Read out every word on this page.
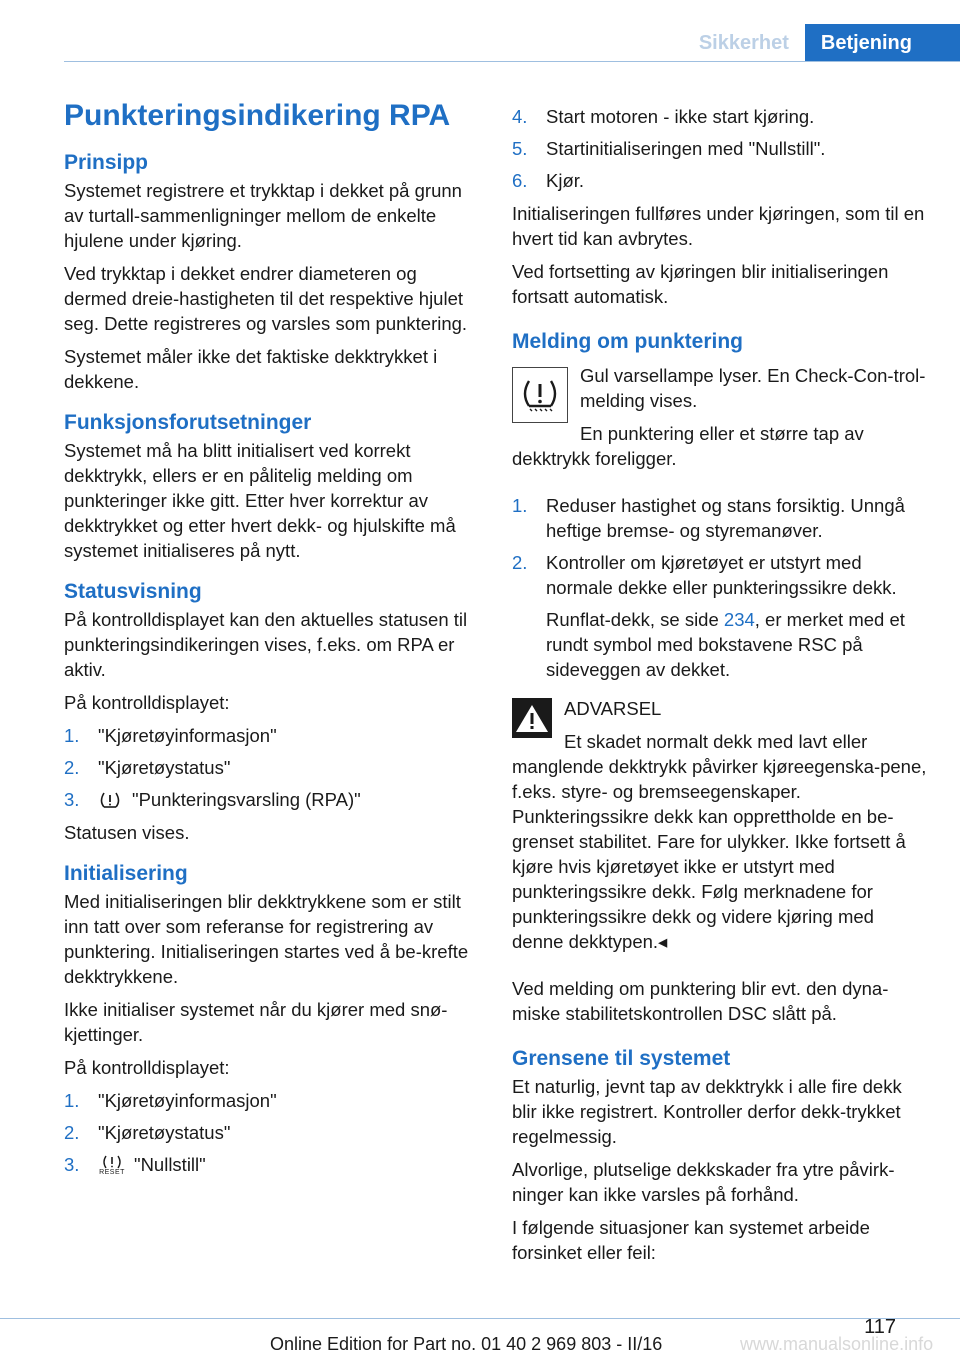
Sikkerhet	Betjening
Punkteringsindikering RPA
Prinsipp

Systemet registrere et trykktap i dekket på grunn av turtall-sammenligninger mellom de enkelte hjulene under kjøring.

Ved trykktap i dekket endrer diameteren og dermed dreie-hastigheten til det respektive hjulet seg. Dette registreres og varsles som punktering.

Systemet måler ikke det faktiske dekktrykket i dekkene.

Funksjonsforutsetninger

Systemet må ha blitt initialisert ved korrekt dekktrykk, ellers er en pålitelig melding om punkteringer ikke gitt. Etter hver korrektur av dekktrykket og etter hvert dekk- og hjulskifte må systemet initialiseres på nytt.

Statusvisning

På kontrolldisplayet kan den aktuelles statusen til punkteringsindikeringen vises, f.eks. om RPA er aktiv.

På kontrolldisplayet:

1.	"Kjøretøyinformasjon"
2.	"Kjøretøystatus"
3.	"Punkteringsvarsling (RPA)"

Statusen vises.

Initialisering

Med initialiseringen blir dekktrykkene som er stilt inn tatt over som referanse for registrering av punktering. Initialiseringen startes ved å be-krefte dekktrykkene.

Ikke initialiser systemet når du kjører med snø-kjettinger.

På kontrolldisplayet:

1.	"Kjøretøyinformasjon"
2.	"Kjøretøystatus"
3.	RESET "Nullstill"
4.	Start motoren - ikke start kjøring.
5.	Startinitialiseringen med "Nullstill".
6.	Kjør.

Initialiseringen fullføres under kjøringen, som til en hvert tid kan avbrytes.

Ved fortsetting av kjøringen blir initialiseringen fortsatt automatisk.

Melding om punktering

Gul varsellampe lyser. En Check-Con-trol-melding vises.

En punktering eller et større tap av dekktrykk foreligger.

1.	Reduser hastighet og stans forsiktig. Unngå heftige bremse- og styremanøver.
2.	Kontroller om kjøretøyet er utstyrt med normale dekke eller punkteringssikre dekk.

Runflat-dekk, se side 234, er merket med et rundt symbol med bokstavene RSC på sideveggen av dekket.

ADVARSEL

Et skadet normalt dekk med lavt eller manglende dekktrykk påvirker kjøreegenska-pene, f.eks. styre- og bremseegenskaper. Punkteringssikre dekk kan opprettholde en be-grenset stabilitet. Fare for ulykker. Ikke fortsett å kjøre hvis kjøretøyet ikke er utstyrt med punkteringssikre dekk. Følg merknadene for punkteringssikre dekk og videre kjøring med denne dekktypen.◂

Ved melding om punktering blir evt. den dyna-miske stabilitetskontrollen DSC slått på.

Grensene til systemet

Et naturlig, jevnt tap av dekktrykk i alle fire dekk blir ikke registrert. Kontroller derfor dekk-trykket regelmessig.

Alvorlige, plutselige dekkskader fra ytre påvirk-ninger kan ikke varsles på forhånd.

I følgende situasjoner kan systemet arbeide forsinket eller feil:

117
Online Edition for Part no. 01 40 2 969 803 - II/16	www.manualsonline.info
